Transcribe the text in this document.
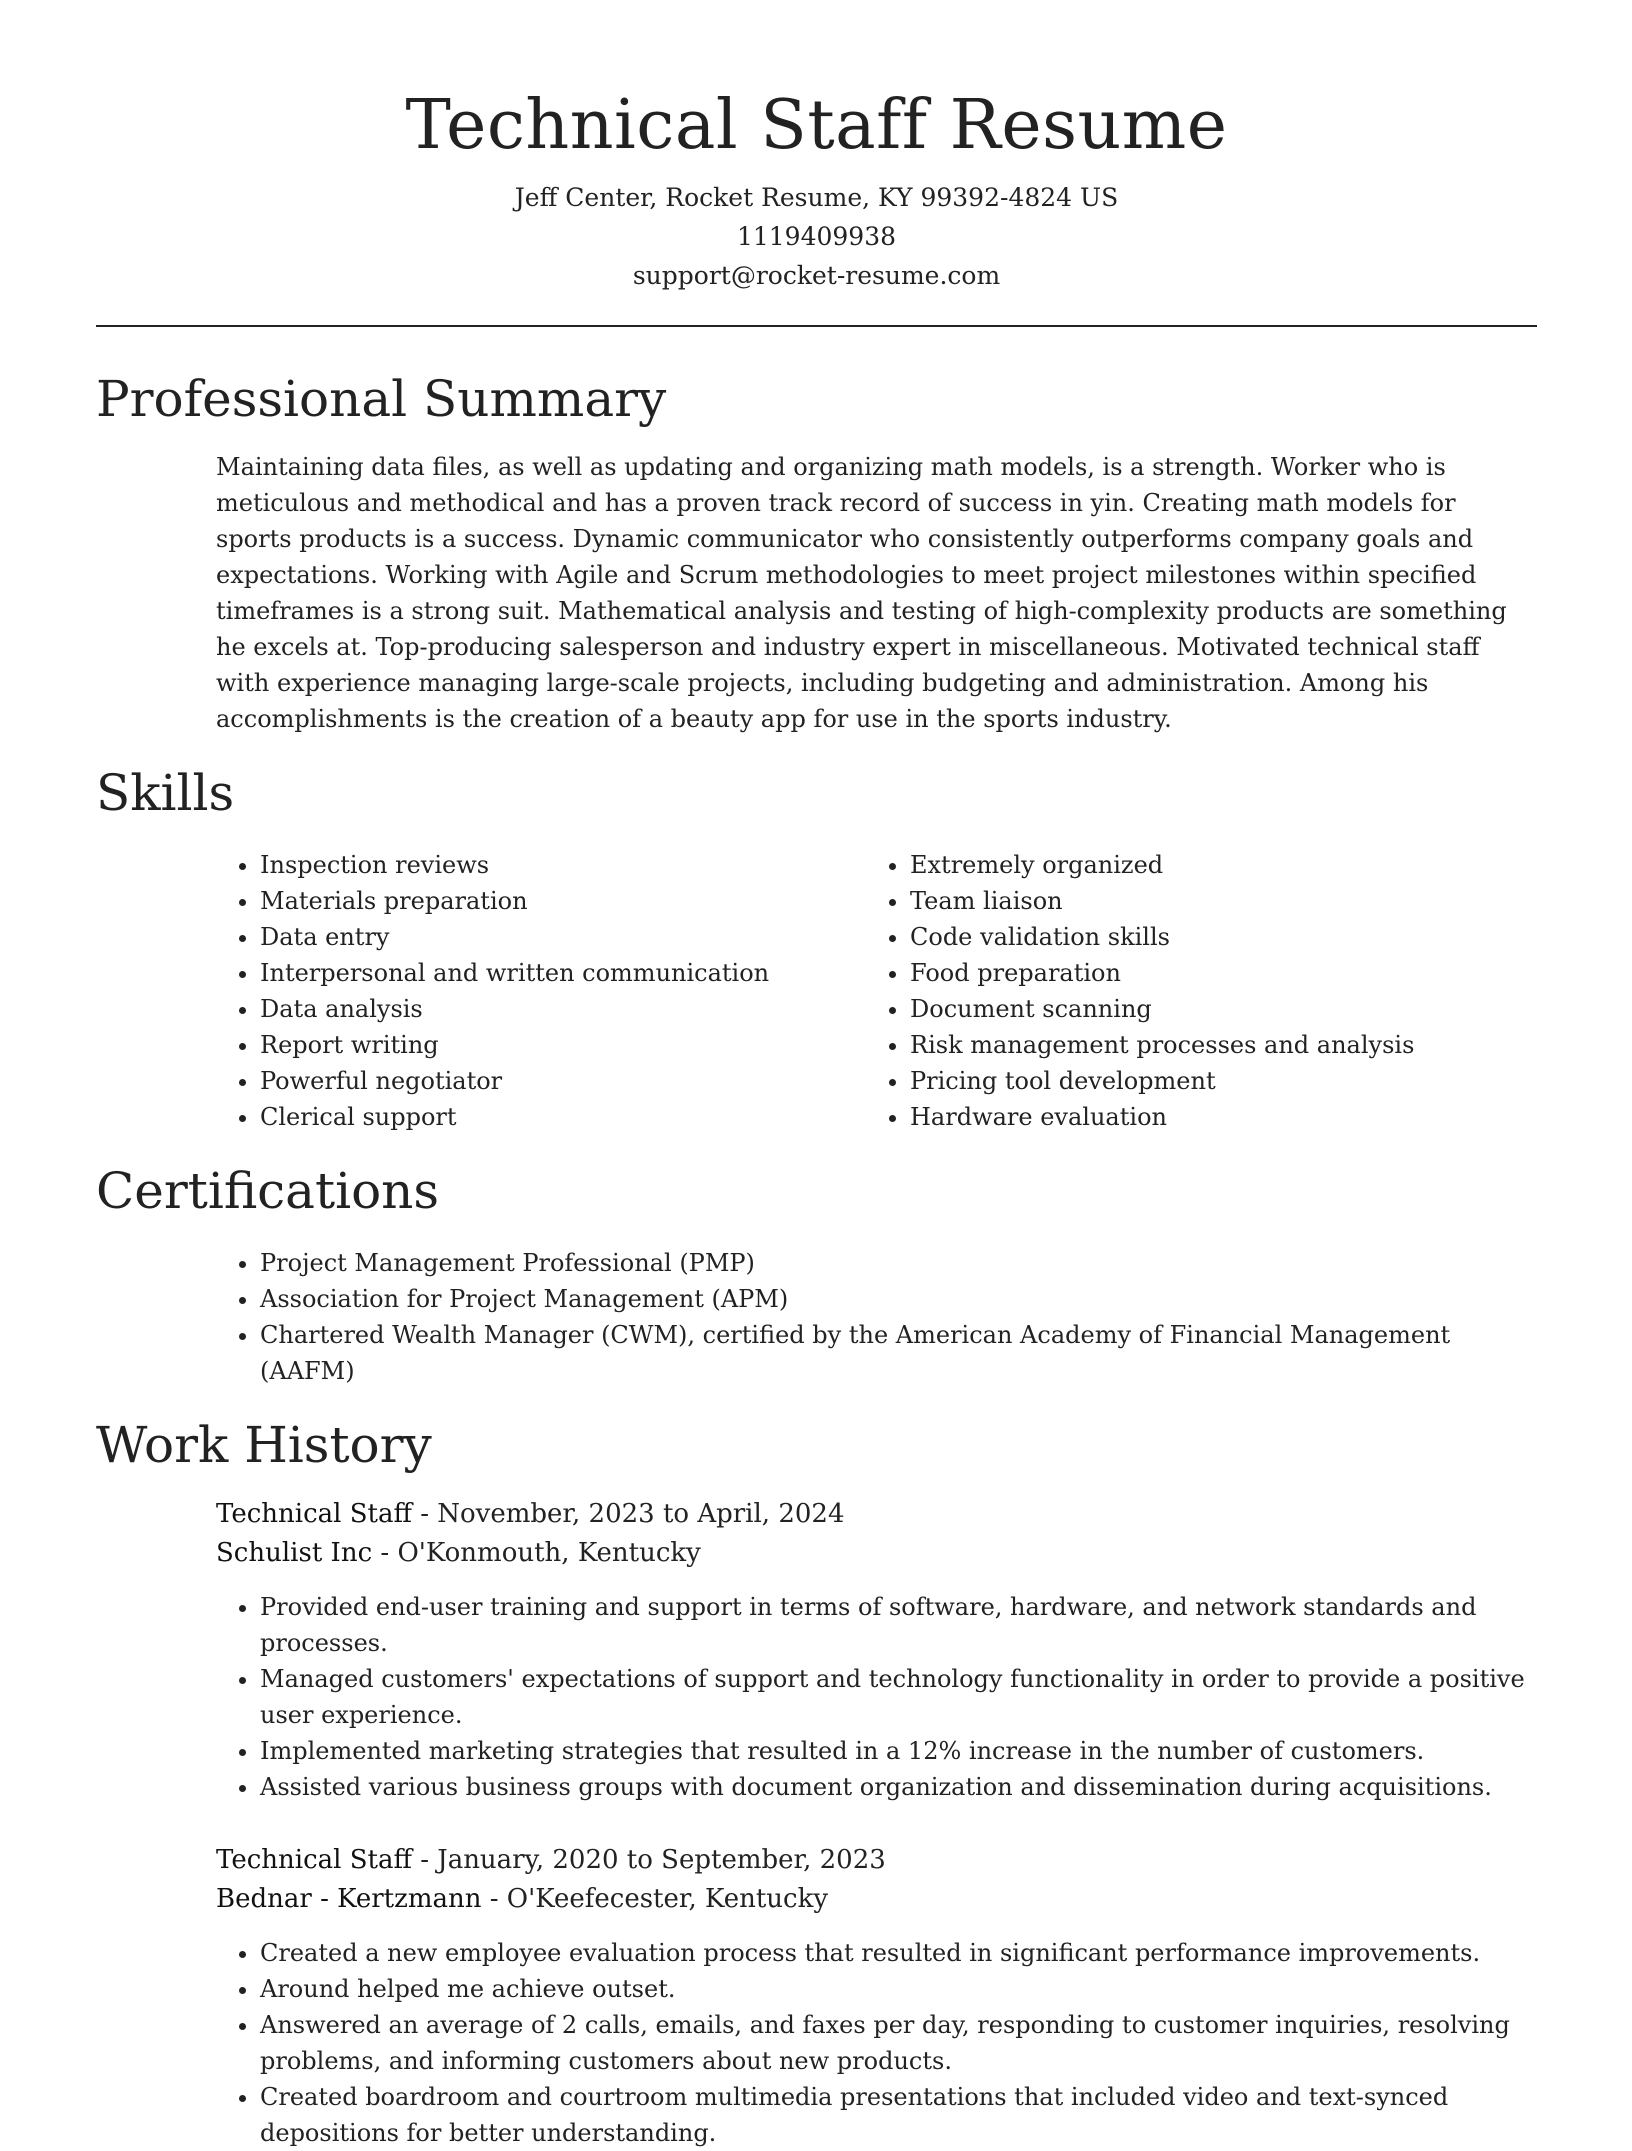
Technical Staff Resume
Jeff Center, Rocket Resume, KY 99392-4824 US
1119409938
support@rocket-resume.com
Professional Summary

Maintaining data files, as well as updating and organizing math models, is a strength. Worker who is meticulous and methodical and has a proven track record of success in yin. Creating math models for sports products is a success. Dynamic communicator who consistently outperforms company goals and expectations. Working with Agile and Scrum methodologies to meet project milestones within specified timeframes is a strong suit. Mathematical analysis and testing of high-complexity products are something he excels at. Top-producing salesperson and industry expert in miscellaneous. Motivated technical staff with experience managing large-scale projects, including budgeting and administration. Among his accomplishments is the creation of a beauty app for use in the sports industry.

Skills
• Inspection reviews
• Materials preparation
• Data entry
• Interpersonal and written communication
• Data analysis
• Report writing
• Powerful negotiator
• Clerical support
• Extremely organized
• Team liaison
• Code validation skills
• Food preparation
• Document scanning
• Risk management processes and analysis
• Pricing tool development
• Hardware evaluation
Certifications
• Project Management Professional (PMP)
• Association for Project Management (APM)
• Chartered Wealth Manager (CWM), certified by the American Academy of Financial Management (AAFM)
Work History
Technical Staff - November, 2023 to April, 2024
Schulist Inc - O'Konmouth, Kentucky
• Provided end-user training and support in terms of software, hardware, and network standards and processes.
• Managed customers' expectations of support and technology functionality in order to provide a positive user experience.
• Implemented marketing strategies that resulted in a 12% increase in the number of customers.
• Assisted various business groups with document organization and dissemination during acquisitions.
Technical Staff - January, 2020 to September, 2023
Bednar - Kertzmann - O'Keefecester, Kentucky
• Created a new employee evaluation process that resulted in significant performance improvements.
• Around helped me achieve outset.
• Answered an average of 2 calls, emails, and faxes per day, responding to customer inquiries, resolving problems, and informing customers about new products.
• Created boardroom and courtroom multimedia presentations that included video and text-synced depositions for better understanding.
